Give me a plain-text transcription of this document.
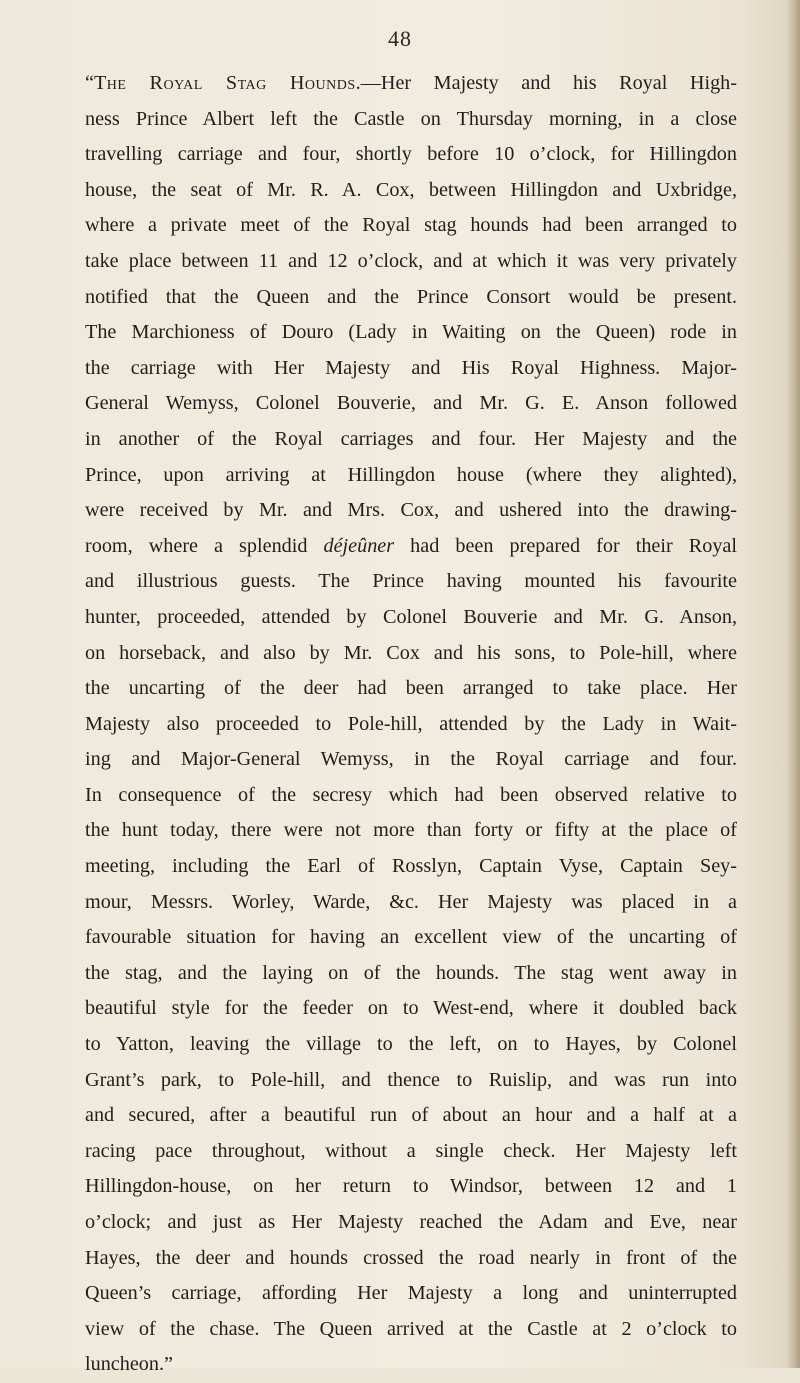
48
“The Royal Stag Hounds.—Her Majesty and his Royal High-
ness Prince Albert left the Castle on Thursday morning, in a close
travelling carriage and four, shortly before 10 o’clock, for Hillingdon
house, the seat of Mr. R. A. Cox, between Hillingdon and Uxbridge,
where a private meet of the Royal stag hounds had been arranged to
take place between 11 and 12 o’clock, and at which it was very privately
notified that the Queen and the Prince Consort would be present.
The Marchioness of Douro (Lady in Waiting on the Queen) rode in
the carriage with Her Majesty and His Royal Highness. Major-
General Wemyss, Colonel Bouverie, and Mr. G. E. Anson followed
in another of the Royal carriages and four. Her Majesty and the
Prince, upon arriving at Hillingdon house (where they alighted),
were received by Mr. and Mrs. Cox, and ushered into the drawing-
room, where a splendid déjeûner had been prepared for their Royal
and illustrious guests. The Prince having mounted his favourite
hunter, proceeded, attended by Colonel Bouverie and Mr. G. Anson,
on horseback, and also by Mr. Cox and his sons, to Pole-hill, where
the uncarting of the deer had been arranged to take place. Her
Majesty also proceeded to Pole-hill, attended by the Lady in Wait-
ing and Major-General Wemyss, in the Royal carriage and four.
In consequence of the secresy which had been observed relative to
the hunt today, there were not more than forty or fifty at the place of
meeting, including the Earl of Rosslyn, Captain Vyse, Captain Sey-
mour, Messrs. Worley, Warde, &c. Her Majesty was placed in a
favourable situation for having an excellent view of the uncarting of
the stag, and the laying on of the hounds. The stag went away in
beautiful style for the feeder on to West-end, where it doubled back
to Yatton, leaving the village to the left, on to Hayes, by Colonel
Grant’s park, to Pole-hill, and thence to Ruislip, and was run into
and secured, after a beautiful run of about an hour and a half at a
racing pace throughout, without a single check. Her Majesty left
Hillingdon-house, on her return to Windsor, between 12 and 1
o’clock; and just as Her Majesty reached the Adam and Eve, near
Hayes, the deer and hounds crossed the road nearly in front of the
Queen’s carriage, affording Her Majesty a long and uninterrupted
view of the chase. The Queen arrived at the Castle at 2 o’clock to
luncheon.”
